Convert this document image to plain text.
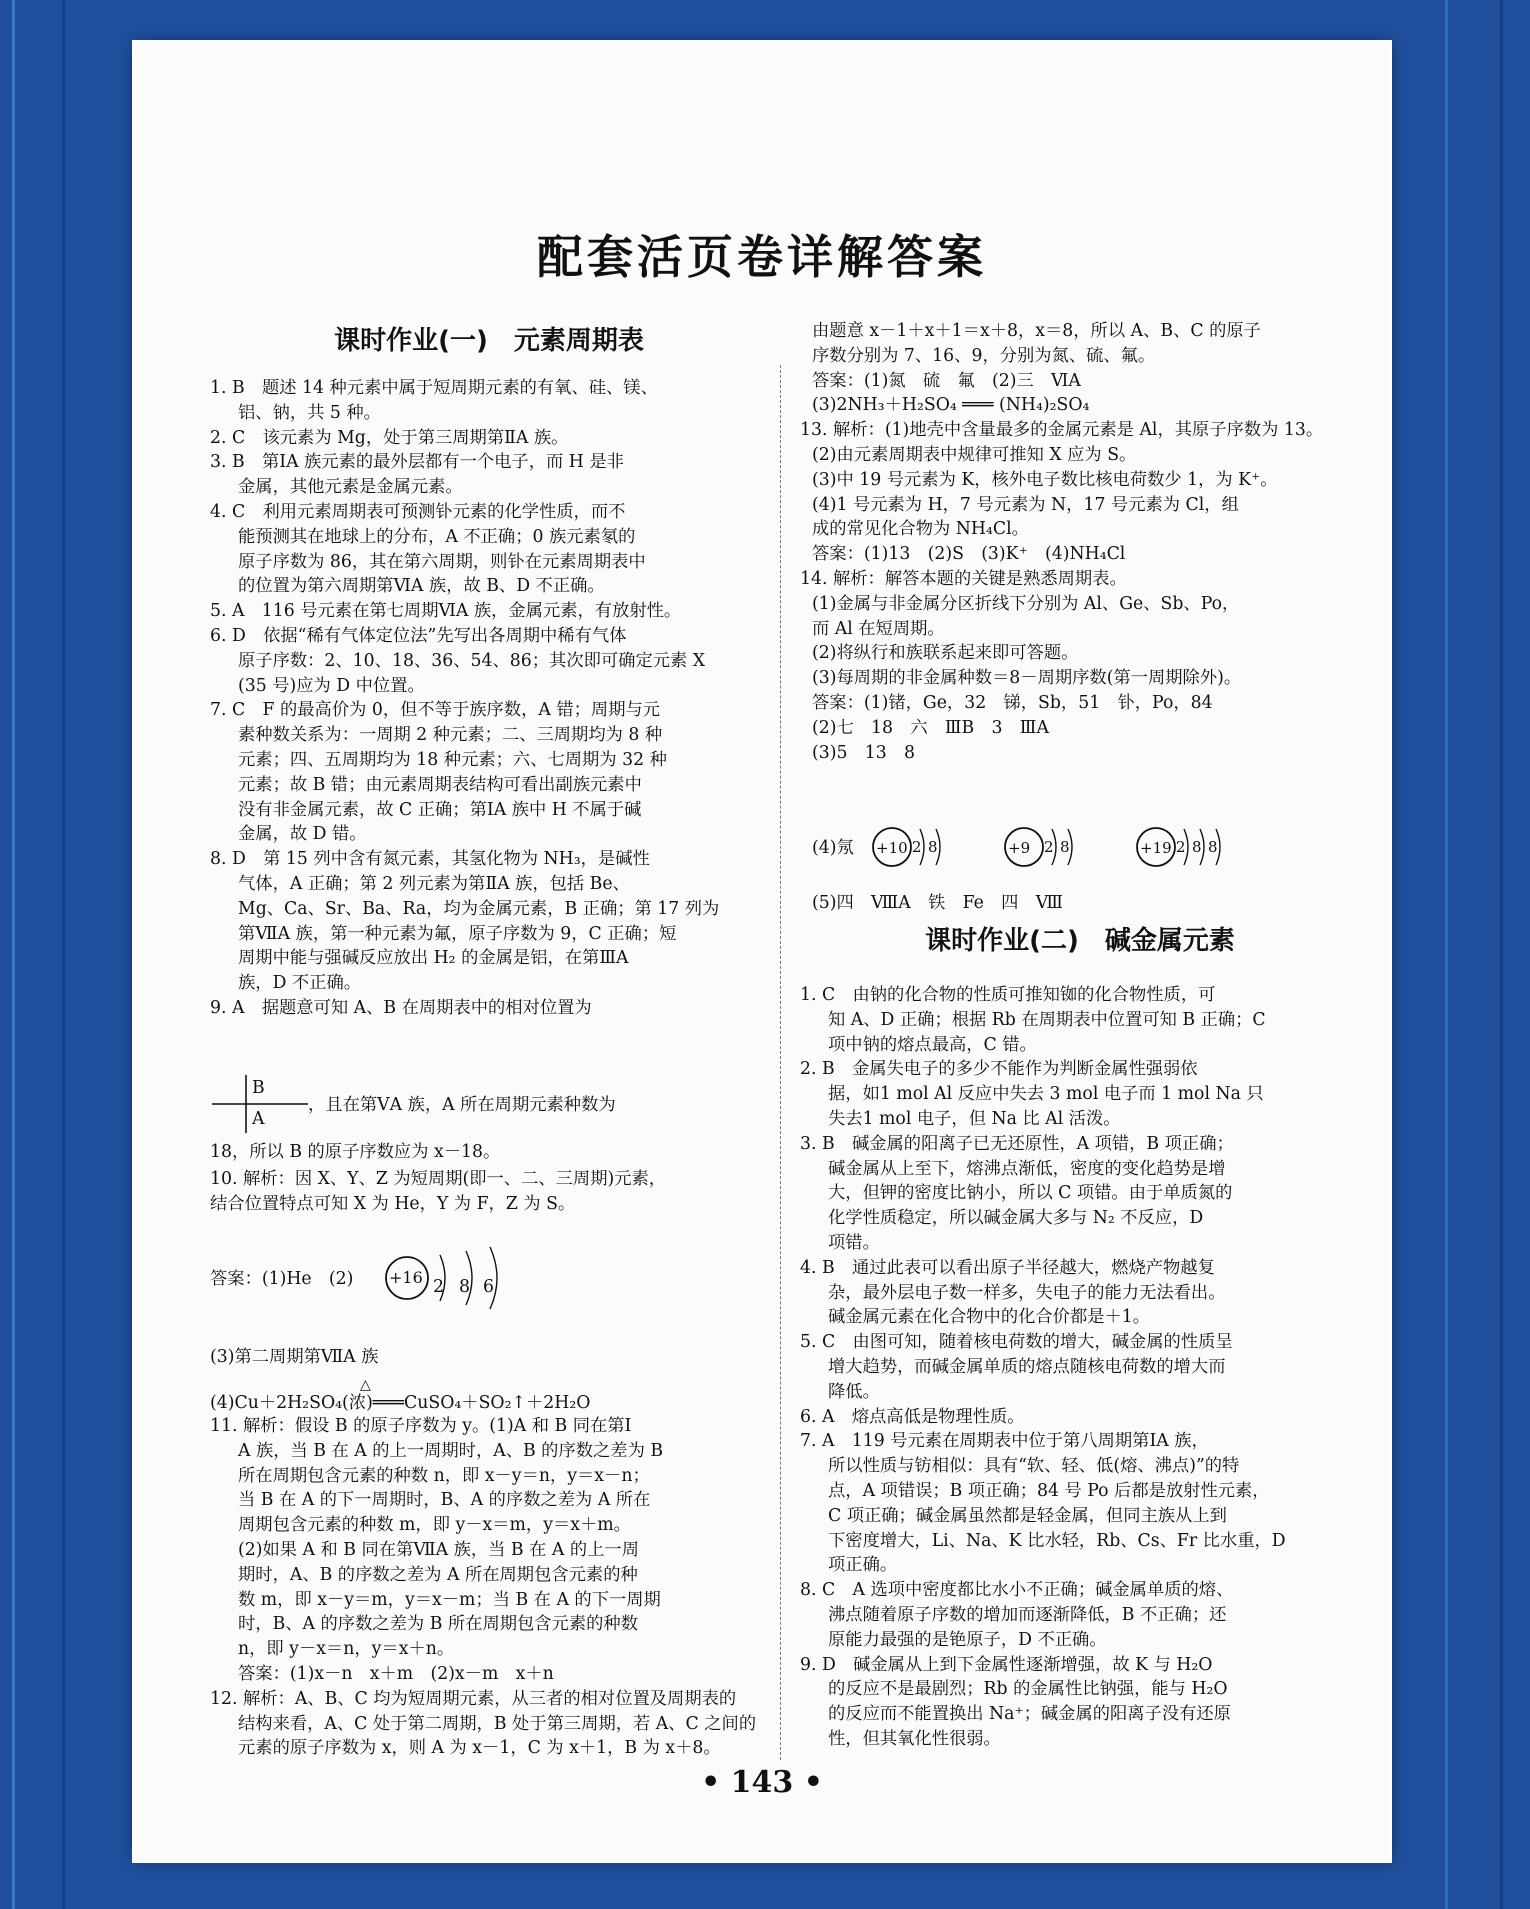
配套活页卷详解答案
课时作业(一)　元素周期表
1. B　题述 14 种元素中属于短周期元素的有氧、硅、镁、
铝、钠，共 5 种。
2. C　该元素为 Mg，处于第三周期第ⅡA 族。
3. B　第ⅠA 族元素的最外层都有一个电子，而 H 是非
金属，其他元素是金属元素。
4. C　利用元素周期表可预测钋元素的化学性质，而不
能预测其在地球上的分布，A 不正确；0 族元素氡的
原子序数为 86，其在第六周期，则钋在元素周期表中
的位置为第六周期第ⅥA 族，故 B、D 不正确。
5. A　116 号元素在第七周期ⅥA 族，金属元素，有放射性。
6. D　依据“稀有气体定位法”先写出各周期中稀有气体
原子序数：2、10、18、36、54、86；其次即可确定元素 X
(35 号)应为 D 中位置。
7. C　F 的最高价为 0，但不等于族序数，A 错；周期与元
素种数关系为：一周期 2 种元素；二、三周期均为 8 种
元素；四、五周期均为 18 种元素；六、七周期为 32 种
元素；故 B 错；由元素周期表结构可看出副族元素中
没有非金属元素，故 C 正确；第ⅠA 族中 H 不属于碱
金属，故 D 错。
8. D　第 15 列中含有氮元素，其氢化物为 NH₃，是碱性
气体，A 正确；第 2 列元素为第ⅡA 族，包括 Be、
Mg、Ca、Sr、Ba、Ra，均为金属元素，B 正确；第 17 列为
第ⅦA 族，第一种元素为氟，原子序数为 9，C 正确；短
周期中能与强碱反应放出 H₂ 的金属是铝，在第ⅢA
族，D 不正确。
9. A　据题意可知 A、B 在周期表中的相对位置为
B
A
，且在第ⅤA 族，A 所在周期元素种数为
18，所以 B 的原子序数应为 x－18。
10. 解析：因 X、Y、Z 为短周期(即一、二、三周期)元素，
结合位置特点可知 X 为 He，Y 为 F，Z 为 S。
答案：(1)He　(2) +16 2 8 6
(3)第二周期第ⅦA 族
△
(4)Cu＋2H₂SO₄(浓)═══CuSO₄＋SO₂↑＋2H₂O
11. 解析：假设 B 的原子序数为 y。(1)A 和 B 同在第Ⅰ
A 族，当 B 在 A 的上一周期时，A、B 的序数之差为 B
所在周期包含元素的种数 n，即 x－y＝n，y＝x－n；
当 B 在 A 的下一周期时，B、A 的序数之差为 A 所在
周期包含元素的种数 m，即 y－x＝m，y＝x＋m。
(2)如果 A 和 B 同在第ⅦA 族，当 B 在 A 的上一周
期时，A、B 的序数之差为 A 所在周期包含元素的种
数 m，即 x－y＝m，y＝x－m；当 B 在 A 的下一周期
时，B、A 的序数之差为 B 所在周期包含元素的种数
n，即 y－x＝n，y＝x＋n。
答案：(1)x－n　x＋m　(2)x－m　x＋n
12. 解析：A、B、C 均为短周期元素，从三者的相对位置及周期表的
结构来看，A、C 处于第二周期，B 处于第三周期，若 A、C 之间的
元素的原子序数为 x，则 A 为 x－1，C 为 x＋1，B 为 x＋8。
由题意 x－1＋x＋1＝x＋8，x＝8，所以 A、B、C 的原子
序数分别为 7、16、9，分别为氮、硫、氟。
答案：(1)氮　硫　氟　(2)三　ⅥA
(3)2NH₃＋H₂SO₄ ═══ (NH₄)₂SO₄
13. 解析：(1)地壳中含量最多的金属元素是 Al，其原子序数为 13。
(2)由元素周期表中规律可推知 X 应为 S。
(3)中 19 号元素为 K，核外电子数比核电荷数少 1，为 K⁺。
(4)1 号元素为 H，7 号元素为 N，17 号元素为 Cl，组
成的常见化合物为 NH₄Cl。
答案：(1)13　(2)S　(3)K⁺　(4)NH₄Cl
14. 解析：解答本题的关键是熟悉周期表。
(1)金属与非金属分区折线下分别为 Al、Ge、Sb、Po，
而 Al 在短周期。
(2)将纵行和族联系起来即可答题。
(3)每周期的非金属种数＝8－周期序数(第一周期除外)。
答案：(1)锗，Ge，32　锑，Sb，51　钋，Po，84
(2)七　18　六　ⅢB　3　ⅢA
(3)5　13　8
(4)氖 +10 2 8	+9 2 8	+19 2 8 8
(5)四　ⅧA　铁　Fe　四　Ⅷ
课时作业(二)　碱金属元素
1. C　由钠的化合物的性质可推知铷的化合物性质，可
知 A、D 正确；根据 Rb 在周期表中位置可知 B 正确；C
项中钠的熔点最高，C 错。
2. B　金属失电子的多少不能作为判断金属性强弱依
据，如1 mol Al 反应中失去 3 mol 电子而 1 mol Na 只
失去1 mol 电子，但 Na 比 Al 活泼。
3. B　碱金属的阳离子已无还原性，A 项错，B 项正确；
碱金属从上至下，熔沸点渐低，密度的变化趋势是增
大，但钾的密度比钠小，所以 C 项错。由于单质氮的
化学性质稳定，所以碱金属大多与 N₂ 不反应，D
项错。
4. B　通过此表可以看出原子半径越大，燃烧产物越复
杂，最外层电子数一样多，失电子的能力无法看出。
碱金属元素在化合物中的化合价都是＋1。
5. C　由图可知，随着核电荷数的增大，碱金属的性质呈
增大趋势，而碱金属单质的熔点随核电荷数的增大而
降低。
6. A　熔点高低是物理性质。
7. A　119 号元素在周期表中位于第八周期第ⅠA 族，
所以性质与钫相似：具有“软、轻、低(熔、沸点)”的特
点，A 项错误；B 项正确；84 号 Po 后都是放射性元素，
C 项正确；碱金属虽然都是轻金属，但同主族从上到
下密度增大，Li、Na、K 比水轻，Rb、Cs、Fr 比水重，D
项正确。
8. C　A 选项中密度都比水小不正确；碱金属单质的熔、
沸点随着原子序数的增加而逐渐降低，B 不正确；还
原能力最强的是铯原子，D 不正确。
9. D　碱金属从上到下金属性逐渐增强，故 K 与 H₂O
的反应不是最剧烈；Rb 的金属性比钠强，能与 H₂O
的反应而不能置换出 Na⁺；碱金属的阳离子没有还原
性，但其氧化性很弱。
• 143 •
